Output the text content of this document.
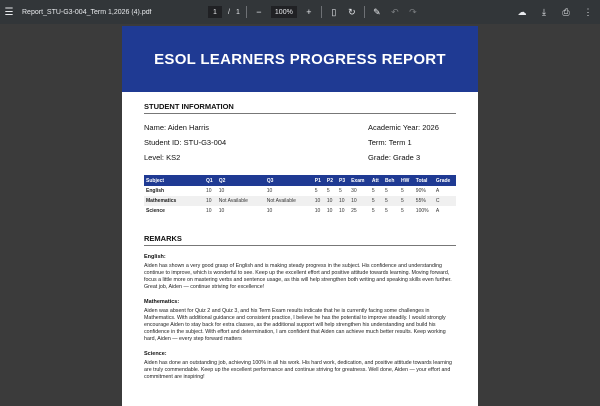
☰	Report_STU-G3-004_Term 1,2026 (4).pdf	1	/ 1	−	100%	+	▯	↻ ✎ ↶ ↷	☁	⤓	⎙ ⋮
ESOL LEARNERS PROGRESS REPORT
STUDENT INFORMATION
Name: Aiden Harris	Academic Year: 2026
Student ID: STU-G3-004	Term: Term 1
Level: KS2	Grade: Grade 3
Subject	Q1	Q2	Q3	P1	P2	P3	Exam	Att	Beh	HW	Total	Grade
English	10	10	10	5	5	5	30	5	5	5	90%	A
Mathematics	10	Not Available	Not Available	10	10	10	10	5	5	5	55%	C
Science	10	10	10	10	10	10	25	5	5	5	100%	A
REMARKS
English:
Aiden has shown a very good grasp of English and is making steady progress in the subject. His confidence and understanding continue to improve, which is wonderful to see. Keep up the excellent effort and positive attitude towards learning. Moving forward, focus a little more on mastering verbs and sentence usage, as this will help strengthen both writing and speaking skills even further. Great job, Aiden — continue striving for excellence!
Mathematics:
Aiden was absent for Quiz 2 and Quiz 3, and his Term Exam results indicate that he is currently facing some challenges in Mathematics. With additional guidance and consistent practice, I believe he has the potential to improve steadily. I would strongly encourage Aiden to stay back for extra classes, as the additional support will help strengthen his understanding and build his confidence in the subject. With effort and determination, I am confident that Aiden can achieve much better results. Keep working hard, Aiden — every step forward matters
Science:
Aiden has done an outstanding job, achieving 100% in all his work. His hard work, dedication, and positive attitude towards learning are truly commendable. Keep up the excellent performance and continue striving for greatness. Well done, Aiden — your effort and commitment are inspiring!
